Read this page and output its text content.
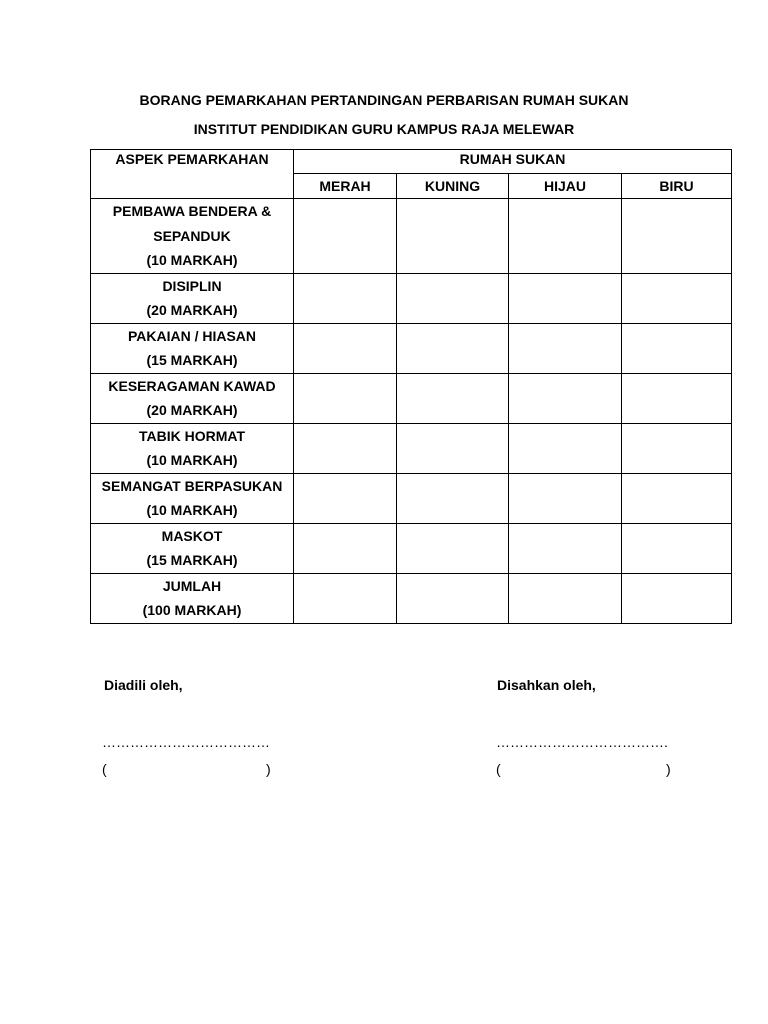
BORANG PEMARKAHAN PERTANDINGAN PERBARISAN RUMAH SUKAN
INSTITUT PENDIDIKAN GURU KAMPUS RAJA MELEWAR
ASPEK PEMARKAHAN	RUMAH SUKAN			
	MERAH	KUNING	HIJAU	BIRU

PEMBAWA BENDERA &
SEPANDUK
(10 MARKAH)				

DISIPLIN
(20 MARKAH)				

PAKAIAN / HIASAN
(15 MARKAH)				

KESERAGAMAN KAWAD
(20 MARKAH)				

TABIK HORMAT
(10 MARKAH)				

SEMANGAT BERPASUKAN
(10 MARKAH)				

MASKOT
(15 MARKAH)				

JUMLAH
(100 MARKAH)				

Diadili oleh,	Disahkan oleh,
………………………………	……………………………….
(	)	(	)
